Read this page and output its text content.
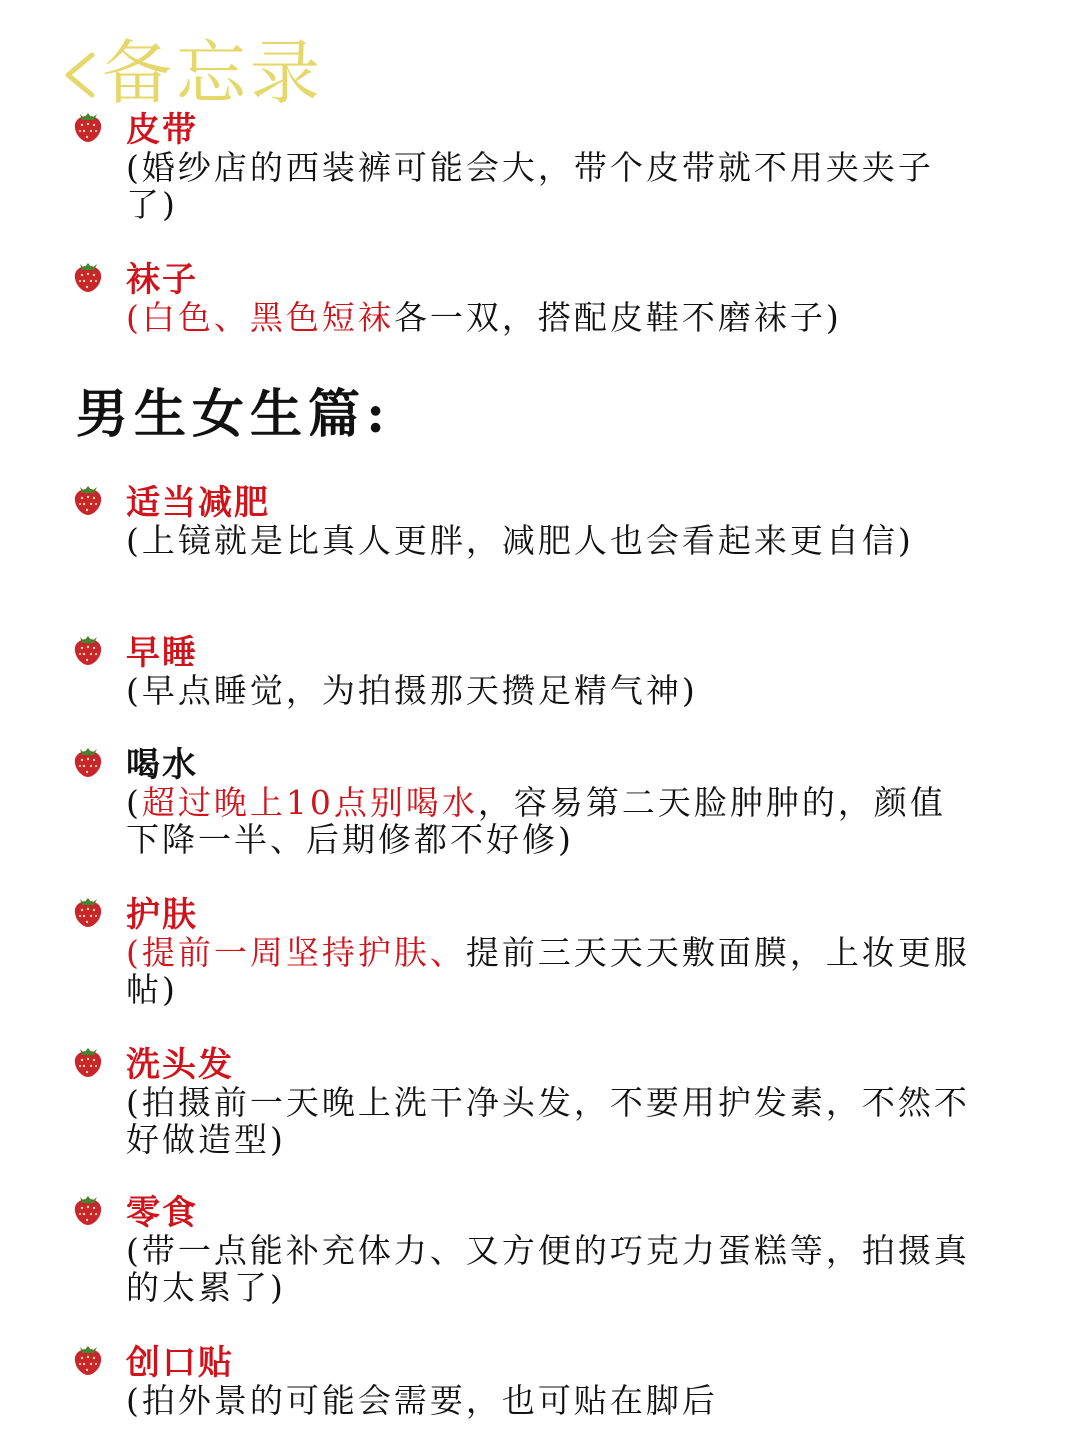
备忘录
男生女生篇:
皮带
(婚纱店的西装裤可能会大，带个皮带就不用夹夹子了)
袜子
(白色、黑色短袜各一双，搭配皮鞋不磨袜子)
适当减肥
(上镜就是比真人更胖，减肥人也会看起来更自信)
早睡
(早点睡觉，为拍摄那天攒足精气神)
喝水
(超过晚上10点别喝水，容易第二天脸肿肿的，颜值下降一半、后期修都不好修)
护肤
(提前一周坚持护肤、提前三天天天敷面膜，上妆更服帖)
洗头发
(拍摄前一天晚上洗干净头发，不要用护发素，不然不好做造型)
零食
(带一点能补充体力、又方便的巧克力蛋糕等，拍摄真的太累了)
创口贴
(拍外景的可能会需要，也可贴在脚后
